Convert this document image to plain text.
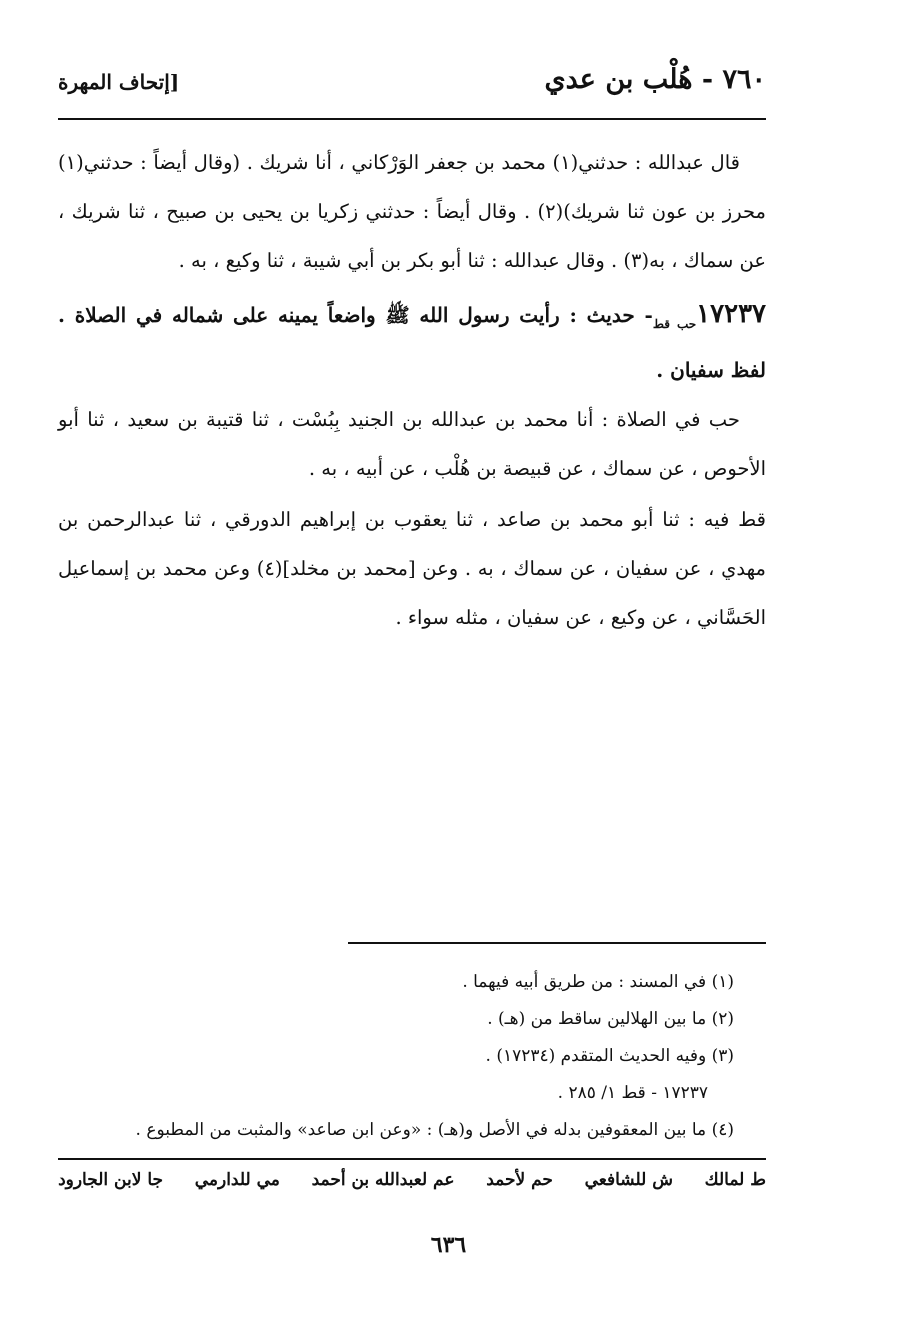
٧٦٠ - هُلْب بن عدي
[إتحاف المهرة

قال عبدالله : حدثني(١) محمد بن جعفر الوَرْكاني ، أنا شريك . (وقال أيضاً : حدثني(١) محرز بن عون ثنا شريك)(٢) . وقال أيضاً : حدثني زكريا بن يحيى بن صبيح ، ثنا شريك ، عن سماك ، به(٣) . وقال عبدالله : ثنا أبو بكر بن أبي شيبة ، ثنا وكيع ، به .

$١٧٢٣٧_{حب قط}-$ حديث : رأيت رسول الله ﷺ واضعاً يمينه على شماله في الصلاة . لفظ سفيان .

حب في الصلاة : أنا محمد بن عبدالله بن الجنيد بِبُسْت ، ثنا قتيبة بن سعيد ، ثنا أبو الأحوص ، عن سماك ، عن قبيصة بن هُلْب ، عن أبيه ، به .

قط فيه : ثنا أبو محمد بن صاعد ، ثنا يعقوب بن إبراهيم الدورقي ، ثنا عبدالرحمن بن مهدي ، عن سفيان ، عن سماك ، به . وعن [محمد بن مخلد](٤) وعن محمد بن إسماعيل الحَسَّاني ، عن وكيع ، عن سفيان ، مثله سواء .

(١) في المسند : من طريق أبيه فيهما .

(٢) ما بين الهلالين ساقط من (هـ) .

(٣) وفيه الحديث المتقدم (١٧٢٣٤) .

١٧٢٣٧ - قط ١/ ٢٨٥ .

(٤) ما بين المعقوفين بدله في الأصل و(هـ) : «وعن ابن صاعد» والمثبت من المطبوع .

ط لمالك
ش للشافعي
حم لأحمد
عم لعبدالله بن أحمد
مي للدارمي
جا لابن الجارود
٦٣٦
